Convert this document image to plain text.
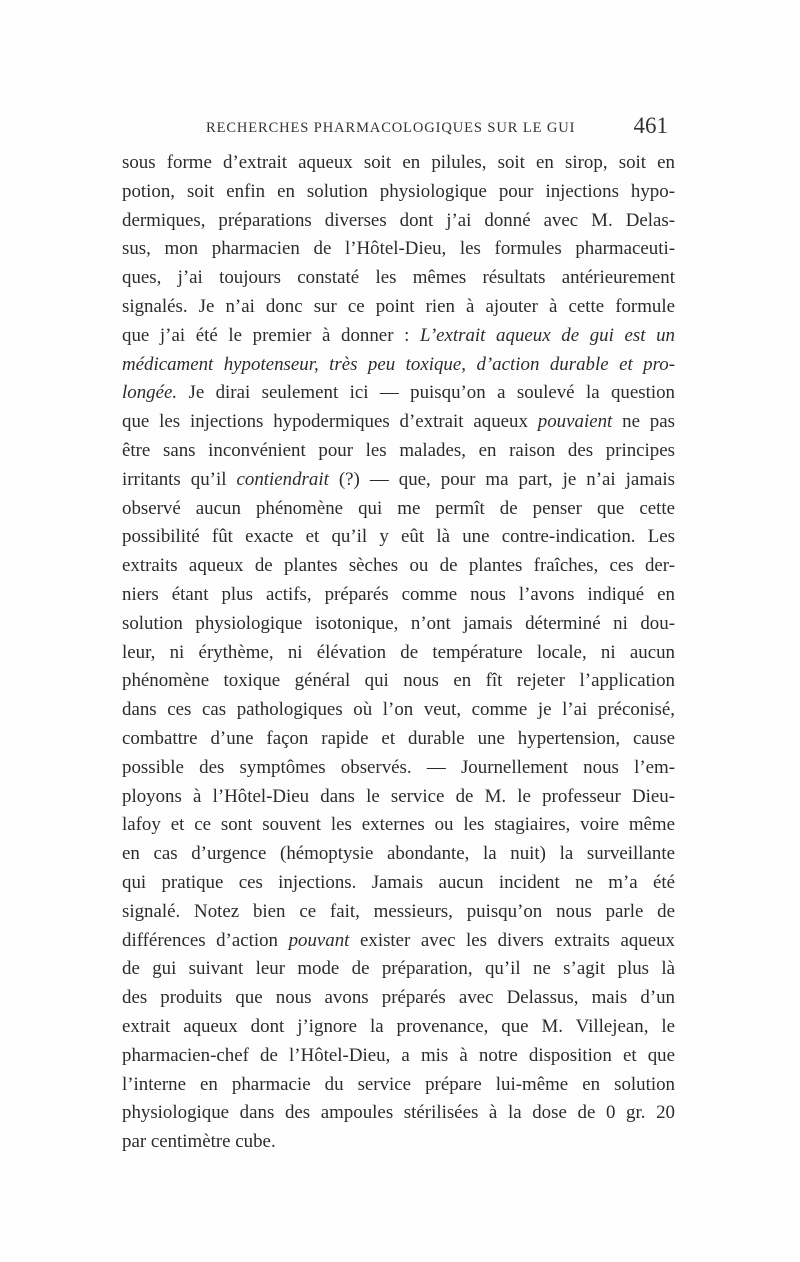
RECHERCHES PHARMACOLOGIQUES SUR LE GUI	461
sous forme d’extrait aqueux soit en pilules, soit en sirop, soit en
potion, soit enfin en solution physiologique pour injections hypo-
dermiques, préparations diverses dont j’ai donné avec M. Delas-
sus, mon pharmacien de l’Hôtel-Dieu, les formules pharmaceuti-
ques, j’ai toujours constaté les mêmes résultats antérieurement
signalés. Je n’ai donc sur ce point rien à ajouter à cette formule
que j’ai été le premier à donner : L’extrait aqueux de gui est un
médicament hypotenseur, très peu toxique, d’action durable et pro-
longée. Je dirai seulement ici — puisqu’on a soulevé la question
que les injections hypodermiques d’extrait aqueux pouvaient ne pas
être sans inconvénient pour les malades, en raison des principes
irritants qu’il contiendrait (?) — que, pour ma part, je n’ai jamais
observé aucun phénomène qui me permît de penser que cette
possibilité fût exacte et qu’il y eût là une contre-indication. Les
extraits aqueux de plantes sèches ou de plantes fraîches, ces der-
niers étant plus actifs, préparés comme nous l’avons indiqué en
solution physiologique isotonique, n’ont jamais déterminé ni dou-
leur, ni érythème, ni élévation de température locale, ni aucun
phénomène toxique général qui nous en fît rejeter l’application
dans ces cas pathologiques où l’on veut, comme je l’ai préconisé,
combattre d’une façon rapide et durable une hypertension, cause
possible des symptômes observés. — Journellement nous l’em-
ployons à l’Hôtel-Dieu dans le service de M. le professeur Dieu-
lafoy et ce sont souvent les externes ou les stagiaires, voire même
en cas d’urgence (hémoptysie abondante, la nuit) la surveillante
qui pratique ces injections. Jamais aucun incident ne m’a été
signalé. Notez bien ce fait, messieurs, puisqu’on nous parle de
différences d’action pouvant exister avec les divers extraits aqueux
de gui suivant leur mode de préparation, qu’il ne s’agit plus là
des produits que nous avons préparés avec Delassus, mais d’un
extrait aqueux dont j’ignore la provenance, que M. Villejean, le
pharmacien-chef de l’Hôtel-Dieu, a mis à notre disposition et que
l’interne en pharmacie du service prépare lui-même en solution
physiologique dans des ampoules stérilisées à la dose de 0 gr. 20
par centimètre cube.
